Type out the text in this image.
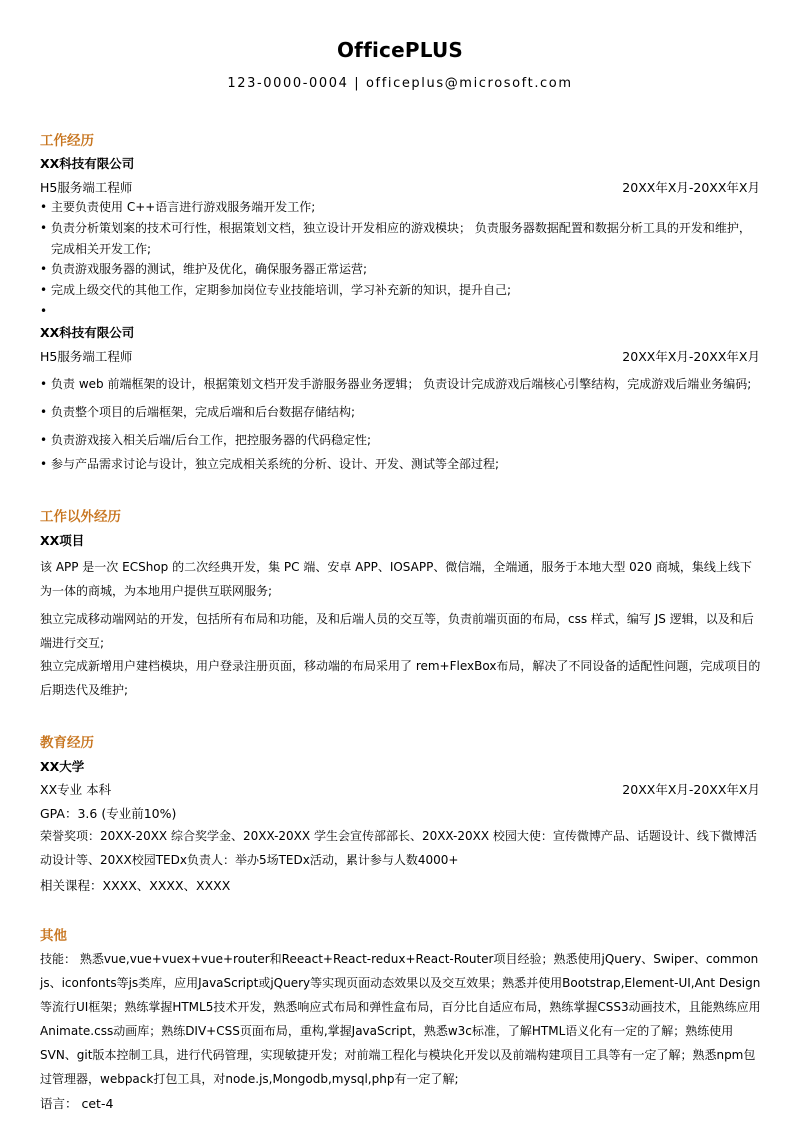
OfficePLUS
123-0000-0004 | officeplus@microsoft.com
工作经历
XX科技有限公司
H5服务端工程师	20XX年X月-20XX年X月
• 主要负责使用 C++语言进行游戏服务端开发工作;
• 负责分析策划案的技术可行性，根据策划文档，独立设计开发相应的游戏模块； 负责服务器数据配置和数据分析工具的开发和维护，完成相关开发工作;
• 负责游戏服务器的测试，维护及优化，确保服务器正常运营;
• 完成上级交代的其他工作，定期参加岗位专业技能培训，学习补充新的知识，提升自己;
•
XX科技有限公司
H5服务端工程师	20XX年X月-20XX年X月
• 负责 web 前端框架的设计，根据策划文档开发手游服务器业务逻辑； 负责设计完成游戏后端核心引擎结构，完成游戏后端业务编码;
• 负责整个项目的后端框架，完成后端和后台数据存储结构;
• 负责游戏接入相关后端/后台工作，把控服务器的代码稳定性;
• 参与产品需求讨论与设计，独立完成相关系统的分析、设计、开发、测试等全部过程;
工作以外经历
XX项目
该 APP 是一次 ECShop 的二次经典开发，集 PC 端、安卓 APP、IOSAPP、微信端，全端通，服务于本地大型 020 商城，集线上线下为一体的商城，为本地用户提供互联网服务;
独立完成移动端网站的开发，包括所有布局和功能，及和后端人员的交互等，负责前端页面的布局，css 样式，编写 JS 逻辑，以及和后端进行交互;
独立完成新增用户建档模块，用户登录注册页面，移动端的布局采用了 rem+FlexBox布局，解决了不同设备的适配性问题，完成项目的后期迭代及维护;
教育经历
XX大学
XX专业 本科	20XX年X月-20XX年X月
GPA：3.6 (专业前10%)
荣誉奖项：20XX-20XX 综合奖学金、20XX-20XX 学生会宣传部部长、20XX-20XX 校园大使：宣传微博产品、话题设计、线下微博活动设计等、20XX校园TEDx负责人：举办5场TEDx活动，累计参与人数4000+
相关课程：XXXX、XXXX、XXXX
其他
技能： 熟悉vue,vue+vuex+vue+router和Reeact+React-redux+React-Router项目经验；熟悉使用jQuery、Swiper、common js、iconfonts等js类库，应用JavaScript或jQuery等实现页面动态效果以及交互效果；熟悉并使用Bootstrap,Element-UI,Ant Design等流行UI框架；熟练掌握HTML5技术开发，熟悉响应式布局和弹性盒布局，百分比自适应布局，熟练掌握CSS3动画技术，且能熟练应用Animate.css动画库；熟练DIV+CSS页面布局，重构,掌握JavaScript，熟悉w3c标准，了解HTML语义化有一定的了解；熟练使用SVN、git版本控制工具，进行代码管理，实现敏捷开发；对前端工程化与模块化开发以及前端构建项目工具等有一定了解；熟悉npm包过管理器，webpack打包工具，对node.js,Mongodb,mysql,php有一定了解;
语言： cet-4
